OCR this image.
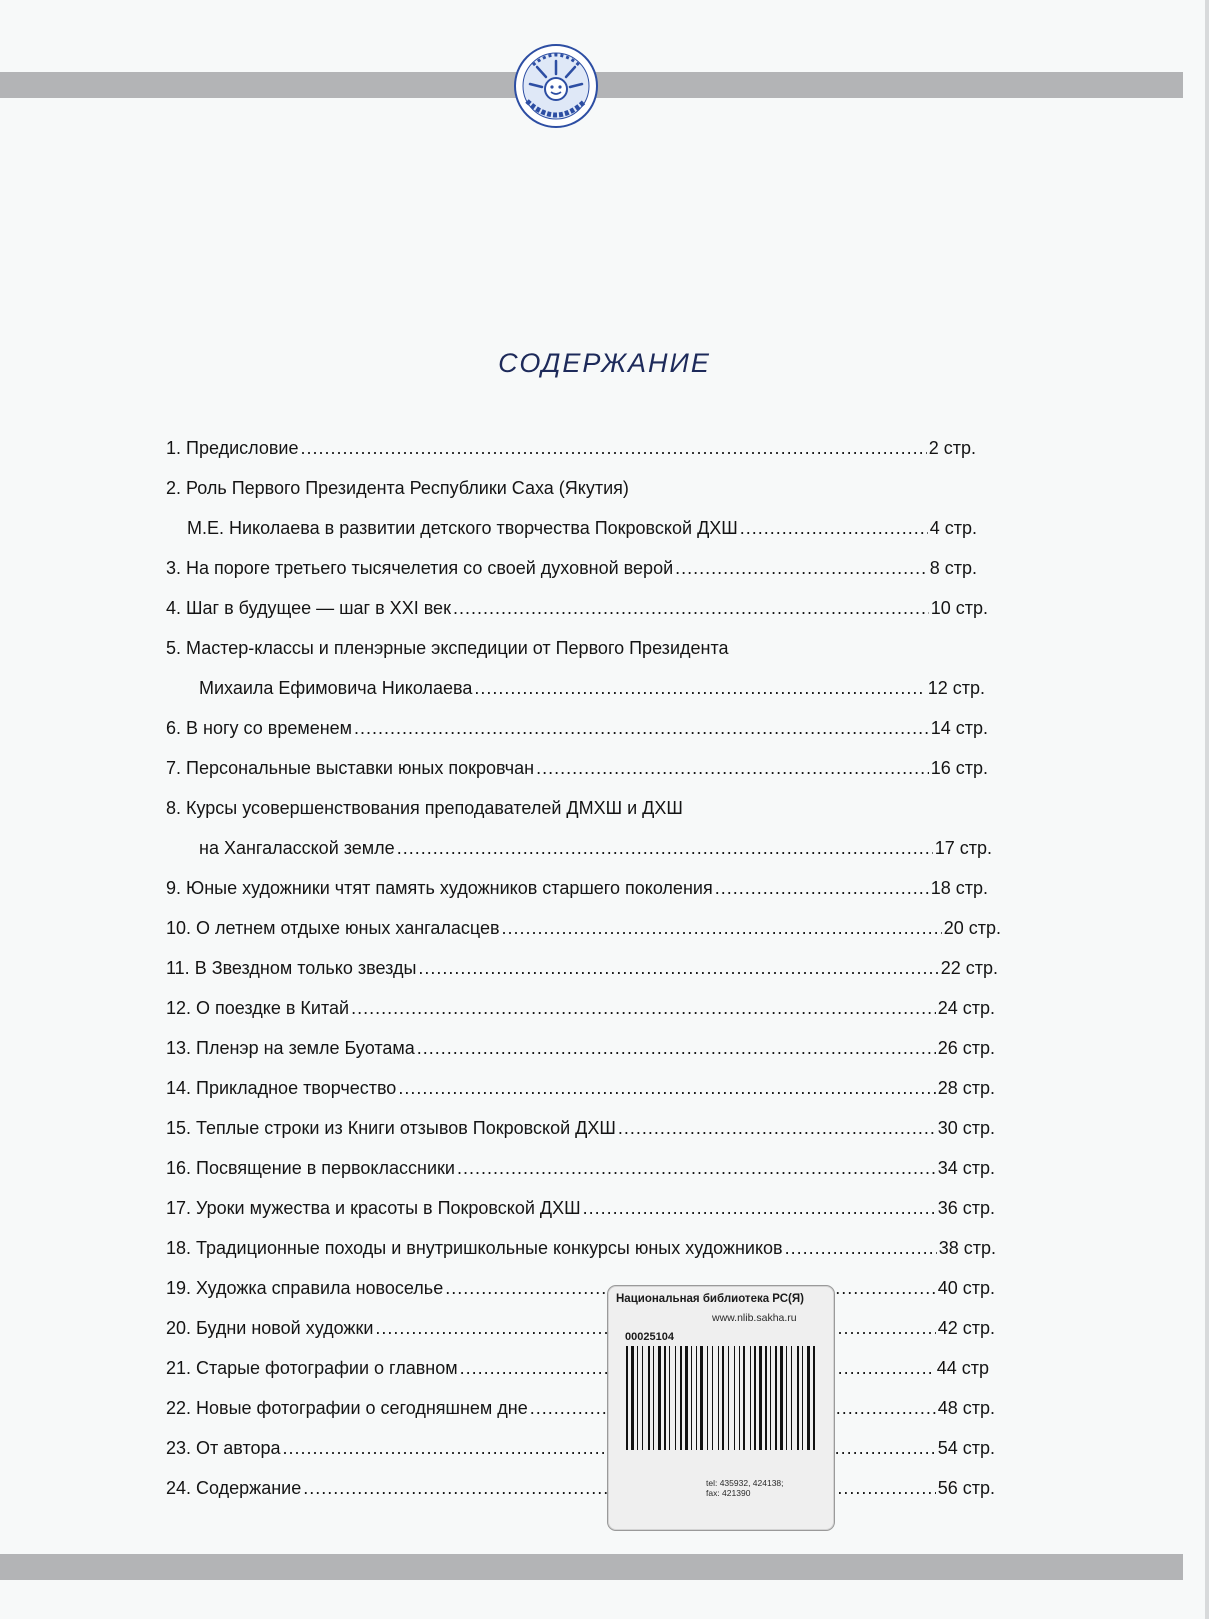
СОДЕРЖАНИЕ
1. Предисловие .....	2 стр.
2. Роль Первого Президента Республики Саха (Якутия)
М.Е. Николаева в развитии детского творчества Покровской ДХШ .....	4 стр.
3. На пороге третьего тысячелетия со своей духовной верой .....	8 стр.
4. Шаг в будущее — шаг в XXI век .....	10 стр.
5. Мастер-классы и пленэрные экспедиции от Первого Президента
Михаила Ефимовича Николаева .....	12 стр.
6. В ногу со временем .....	14 стр.
7. Персональные выставки юных покровчан .....	16 стр.
8. Курсы усовершенствования преподавателей ДМХШ и ДХШ
на Хангаласской земле .....	17 стр.
9. Юные художники чтят память художников старшего поколения .....	18 стр.
10. О летнем отдыхе юных хангаласцев .....	20 стр.
11. В Звездном только звезды .....	22 стр.
12. О поездке в Китай .....	24 стр.
13. Пленэр на земле Буотама .....	26 стр.
14. Прикладное творчество .....	28 стр.
15. Теплые строки из Книги отзывов Покровской ДХШ .....	30 стр.
16. Посвящение в первоклассники .....	34 стр.
17. Уроки мужества и красоты в Покровской ДХШ .....	36 стр.
18. Традиционные походы и внутришкольные конкурсы юных художников .....	38 стр.
19. Художка справила новоселье .....	40 стр.
20. Будни новой художки .....	42 стр.
21. Старые фотографии о главном .....	44 стр
22. Новые фотографии о сегодняшнем дне .....	48 стр.
23. От автора .....	54 стр.
24. Содержание .....	56 стр.
Национальная библиотека РС(Я)
www.nlib.sakha.ru
00025104
tel: 435932, 424138;
fax: 421390
